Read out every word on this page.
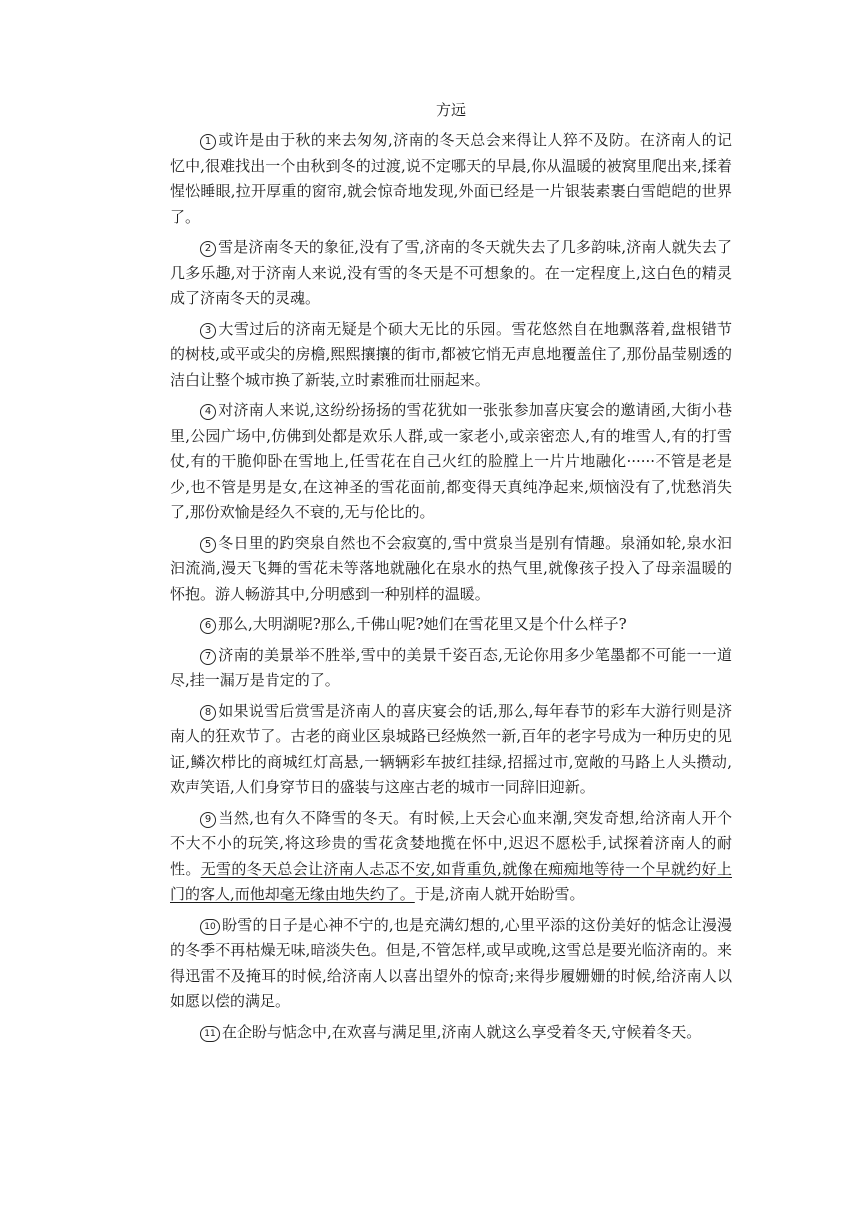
方远

1 或许是由于秋的来去匆匆,济南的冬天总会来得让人猝不及防。在济南人的记忆中,很难找出一个由秋到冬的过渡,说不定哪天的早晨,你从温暖的被窝里爬出来,揉着惺忪睡眼,拉开厚重的窗帘,就会惊奇地发现,外面已经是一片银装素裹白雪皑皑的世界了。

2 雪是济南冬天的象征,没有了雪,济南的冬天就失去了几多韵味,济南人就失去了几多乐趣,对于济南人来说,没有雪的冬天是不可想象的。在一定程度上,这白色的精灵成了济南冬天的灵魂。

3 大雪过后的济南无疑是个硕大无比的乐园。雪花悠然自在地飘落着,盘根错节的树枝,或平或尖的房檐,熙熙攘攘的街市,都被它悄无声息地覆盖住了,那份晶莹剔透的洁白让整个城市换了新装,立时素雅而壮丽起来。

4 对济南人来说,这纷纷扬扬的雪花犹如一张张参加喜庆宴会的邀请函,大街小巷里,公园广场中,仿佛到处都是欢乐人群,或一家老小,或亲密恋人,有的堆雪人,有的打雪仗,有的干脆仰卧在雪地上,任雪花在自己火红的脸膛上一片片地融化······不管是老是少,也不管是男是女,在这神圣的雪花面前,都变得天真纯净起来,烦恼没有了,忧愁消失了,那份欢愉是经久不衰的,无与伦比的。

5 冬日里的趵突泉自然也不会寂寞的,雪中赏泉当是别有情趣。泉涌如轮,泉水汩汩流淌,漫天飞舞的雪花未等落地就融化在泉水的热气里,就像孩子投入了母亲温暖的怀抱。游人畅游其中,分明感到一种别样的温暖。

6 那么,大明湖呢?那么,千佛山呢?她们在雪花里又是个什么样子?

7 济南的美景举不胜举,雪中的美景千姿百态,无论你用多少笔墨都不可能一一道尽,挂一漏万是肯定的了。

8 如果说雪后赏雪是济南人的喜庆宴会的话,那么,每年春节的彩车大游行则是济南人的狂欢节了。古老的商业区泉城路已经焕然一新,百年的老字号成为一种历史的见证,鳞次栉比的商城红灯高悬,一辆辆彩车披红挂绿,招摇过市,宽敞的马路上人头攒动,欢声笑语,人们身穿节日的盛装与这座古老的城市一同辞旧迎新。

9 当然,也有久不降雪的冬天。有时候,上天会心血来潮,突发奇想,给济南人开个不大不小的玩笑,将这珍贵的雪花贪婪地揽在怀中,迟迟不愿松手,试探着济南人的耐性。无雪的冬天总会让济南人忐忑不安,如背重负,就像在痴痴地等待一个早就约好上门的客人,而他却毫无缘由地失约了。于是,济南人就开始盼雪。

10 盼雪的日子是心神不宁的,也是充满幻想的,心里平添的这份美好的惦念让漫漫的冬季不再枯燥无味,暗淡失色。但是,不管怎样,或早或晚,这雪总是要光临济南的。来得迅雷不及掩耳的时候,给济南人以喜出望外的惊奇;来得步履姗姗的时候,给济南人以如愿以偿的满足。

11 在企盼与惦念中,在欢喜与满足里,济南人就这么享受着冬天,守候着冬天。
